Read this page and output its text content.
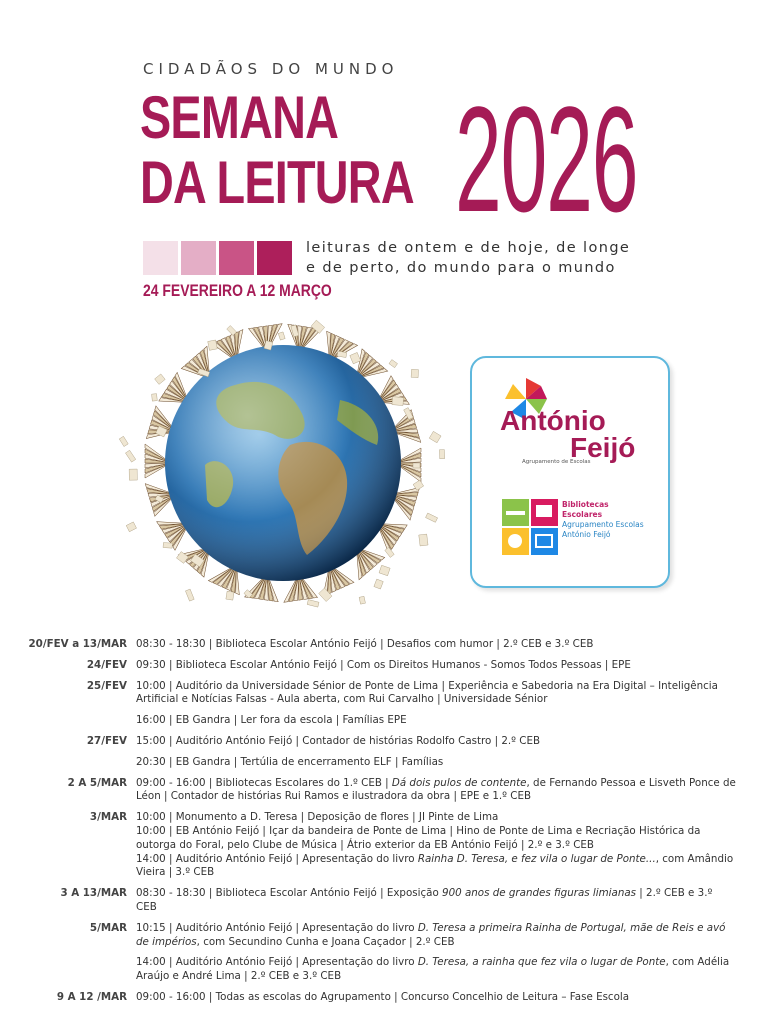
CIDADÃOS DO MUNDO
SEMANA
DA LEITURA 2026
24 FEVEREIRO A 12 MARÇO
leituras de ontem e de hoje, de longe
e de perto, do mundo para o mundo
António
Feijó
Agrupamento de Escolas
Bibliotecas
Escolares
Agrupamento Escolas
António Feijó
20/FEV a 13/MAR 08:30 - 18:30 | Biblioteca Escolar António Feijó | Desafios com humor | 2.º CEB e 3.º CEB
24/FEV 09:30 | Biblioteca Escolar António Feijó | Com os Direitos Humanos - Somos Todos Pessoas | EPE
25/FEV 10:00 | Auditório da Universidade Sénior de Ponte de Lima | Experiência e Sabedoria na Era Digital – Inteligência Artificial e Notícias Falsas - Aula aberta, com Rui Carvalho | Universidade Sénior
16:00 | EB Gandra | Ler fora da escola | Famílias EPE
27/FEV 15:00 | Auditório António Feijó | Contador de histórias Rodolfo Castro | 2.º CEB
20:30 | EB Gandra | Tertúlia de encerramento ELF | Famílias
2 A 5/MAR 09:00 - 16:00 | Bibliotecas Escolares do 1.º CEB | Dá dois pulos de contente, de Fernando Pessoa e Lisveth Ponce de Léon | Contador de histórias Rui Ramos e ilustradora da obra | EPE e 1.º CEB
3/MAR 10:00 | Monumento a D. Teresa | Deposição de flores | JI Pinte de Lima
10:00 | EB António Feijó | Içar da bandeira de Ponte de Lima | Hino de Ponte de Lima e Recriação Histórica da outorga do Foral, pelo Clube de Música | Átrio exterior da EB António Feijó | 2.º e 3.º CEB
14:00 | Auditório António Feijó | Apresentação do livro Rainha D. Teresa, e fez vila o lugar de Ponte..., com Amândio Vieira | 3.º CEB
3 A 13/MAR 08:30 - 18:30 | Biblioteca Escolar António Feijó | Exposição 900 anos de grandes figuras limianas | 2.º CEB e 3.º CEB
5/MAR 10:15 | Auditório António Feijó | Apresentação do livro D. Teresa a primeira Rainha de Portugal, mãe de Reis e avó de impérios, com Secundino Cunha e Joana Caçador | 2.º CEB
14:00 | Auditório António Feijó | Apresentação do livro D. Teresa, a rainha que fez vila o lugar de Ponte, com Adélia Araújo e André Lima | 2.º CEB e 3.º CEB
9 A 12 /MAR 09:00 - 16:00 | Todas as escolas do Agrupamento | Concurso Concelhio de Leitura – Fase Escola
